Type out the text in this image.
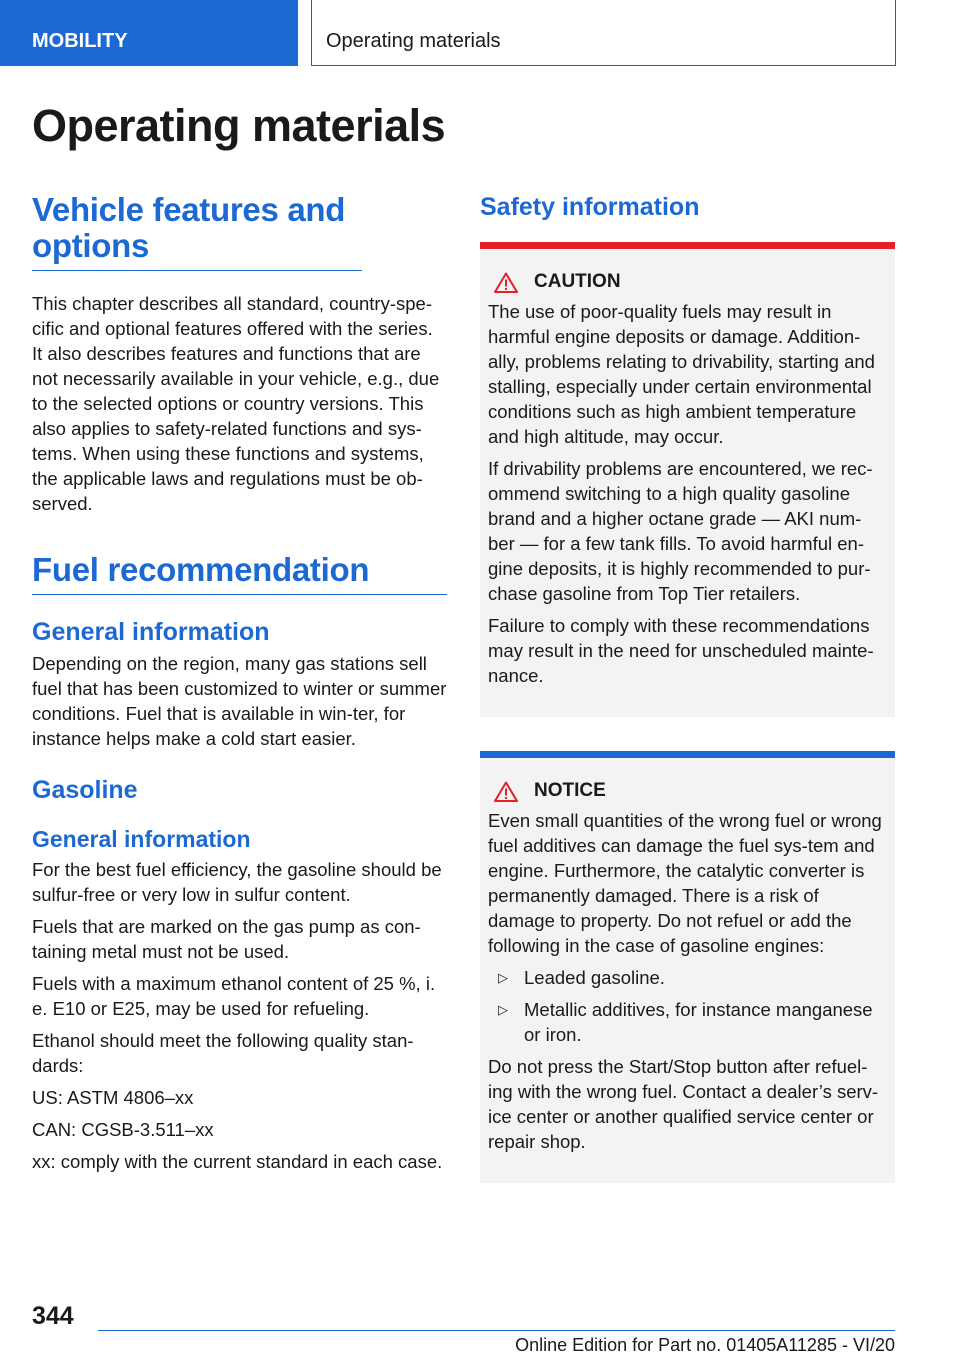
MOBILITY	Operating materials
Operating materials
Vehicle features and options
This chapter describes all standard, country-spe-cific and optional features offered with the series. It also describes features and functions that are not necessarily available in your vehicle, e.g., due to the selected options or country versions. This also applies to safety-related functions and sys-tems. When using these functions and systems, the applicable laws and regulations must be ob-served.
Fuel recommendation
General information
Depending on the region, many gas stations sell fuel that has been customized to winter or summer conditions. Fuel that is available in win-ter, for instance helps make a cold start easier.
Gasoline
General information
For the best fuel efficiency, the gasoline should be sulfur-free or very low in sulfur content.
Fuels that are marked on the gas pump as con-taining metal must not be used.
Fuels with a maximum ethanol content of 25 %, i. e. E10 or E25, may be used for refueling.
Ethanol should meet the following quality stan-dards:
US: ASTM 4806–xx
CAN: CGSB-3.511–xx
xx: comply with the current standard in each case.
Safety information
CAUTION
The use of poor-quality fuels may result in harmful engine deposits or damage. Addition-ally, problems relating to drivability, starting and stalling, especially under certain environmental conditions such as high ambient temperature and high altitude, may occur.
If drivability problems are encountered, we rec-ommend switching to a high quality gasoline brand and a higher octane grade — AKI num-ber — for a few tank fills. To avoid harmful en-gine deposits, it is highly recommended to pur-chase gasoline from Top Tier retailers.
Failure to comply with these recommendations may result in the need for unscheduled mainte-nance.
NOTICE
Even small quantities of the wrong fuel or wrong fuel additives can damage the fuel sys-tem and engine. Furthermore, the catalytic converter is permanently damaged. There is a risk of damage to property. Do not refuel or add the following in the case of gasoline engines:
▷ Leaded gasoline.
▷ Metallic additives, for instance manganese or iron.
Do not press the Start/Stop button after refuel-ing with the wrong fuel. Contact a dealer’s serv-ice center or another qualified service center or repair shop.
344
Online Edition for Part no. 01405A11285 - VI/20
